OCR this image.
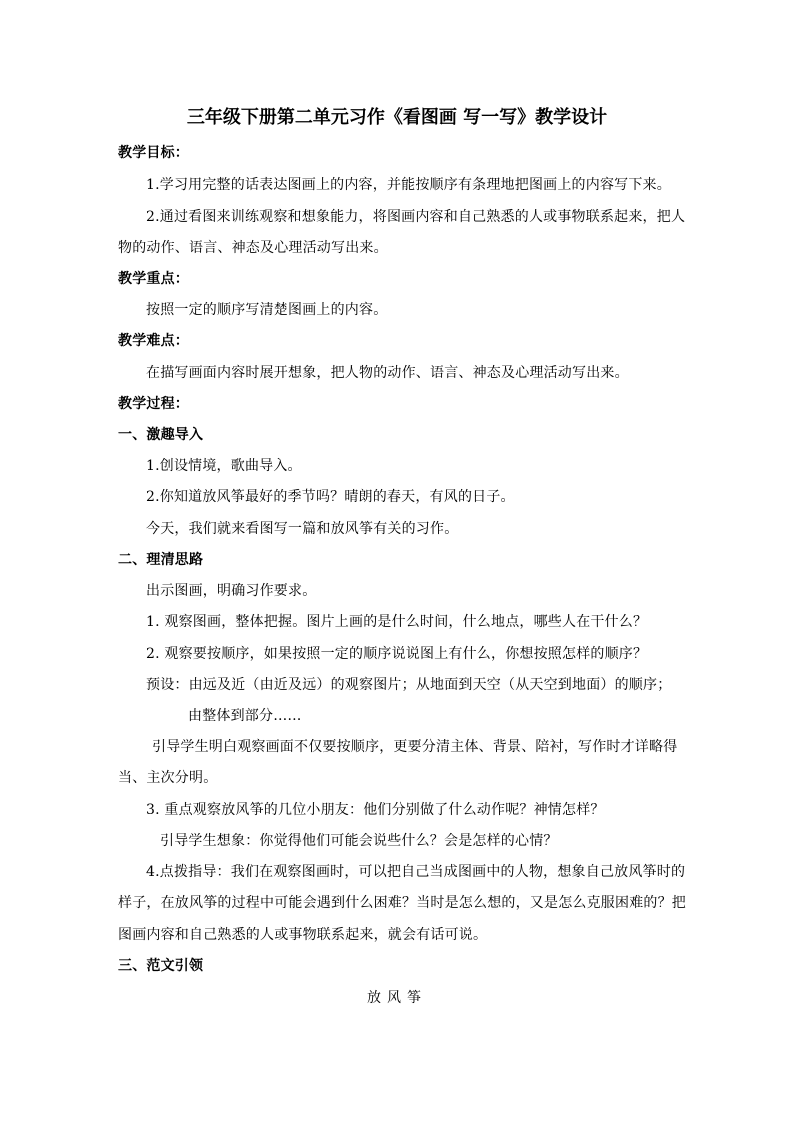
三年级下册第二单元习作《看图画 写一写》教学设计
教学目标：
1.学习用完整的话表达图画上的内容，并能按顺序有条理地把图画上的内容写下来。
2.通过看图来训练观察和想象能力，将图画内容和自己熟悉的人或事物联系起来，把人
物的动作、语言、神态及心理活动写出来。
教学重点：
按照一定的顺序写清楚图画上的内容。
教学难点：
在描写画面内容时展开想象，把人物的动作、语言、神态及心理活动写出来。
教学过程：
一、激趣导入
1.创设情境，歌曲导入。
2.你知道放风筝最好的季节吗？晴朗的春天，有风的日子。
今天，我们就来看图写一篇和放风筝有关的习作。
二、理清思路
出示图画，明确习作要求。
1. 观察图画，整体把握。图片上画的是什么时间，什么地点，哪些人在干什么？
2. 观察要按顺序，如果按照一定的顺序说说图上有什么，你想按照怎样的顺序？
预设：由远及近（由近及远）的观察图片；从地面到天空（从天空到地面）的顺序；
由整体到部分……
引导学生明白观察画面不仅要按顺序，更要分清主体、背景、陪衬，写作时才详略得
当、主次分明。
3. 重点观察放风筝的几位小朋友：他们分别做了什么动作呢？神情怎样？
引导学生想象：你觉得他们可能会说些什么？会是怎样的心情？
4.点拨指导：我们在观察图画时，可以把自己当成图画中的人物，想象自己放风筝时的
样子，在放风筝的过程中可能会遇到什么困难？当时是怎么想的，又是怎么克服困难的？把
图画内容和自己熟悉的人或事物联系起来，就会有话可说。
三、范文引领
放风筝
